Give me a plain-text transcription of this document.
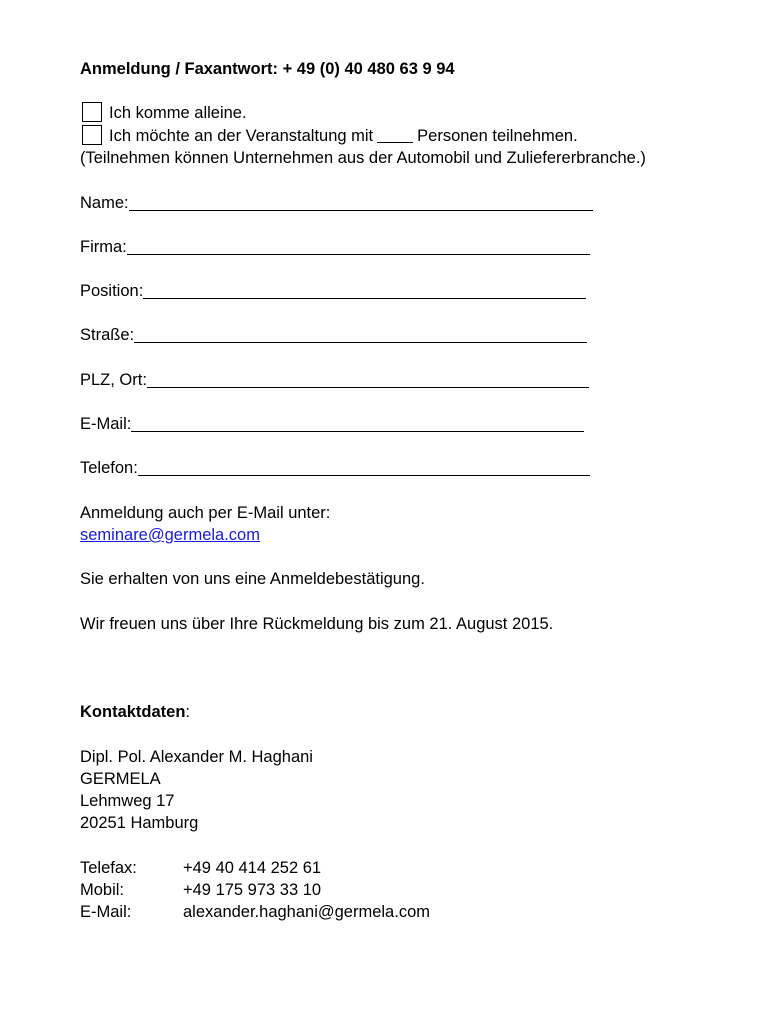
Anmeldung / Faxantwort: + 49 (0) 40 480 63 9 94
Ich komme alleine.
Ich möchte an der Veranstaltung mit	Personen teilnehmen.
(Teilnehmen können Unternehmen aus der Automobil und Zuliefererbranche.)
Name:
Firma:
Position:
Straße:
PLZ, Ort:
E-Mail:
Telefon:
Anmeldung auch per E-Mail unter:
seminare@germela.com
Sie erhalten von uns eine Anmeldebestätigung.
Wir freuen uns über Ihre Rückmeldung bis zum 21. August 2015.
Kontaktdaten:
Dipl. Pol. Alexander M. Haghani
GERMELA
Lehmweg 17
20251 Hamburg
Telefax:	+49 40 414 252 61
Mobil:	+49 175 973 33 10
E-Mail:	alexander.haghani@germela.com
